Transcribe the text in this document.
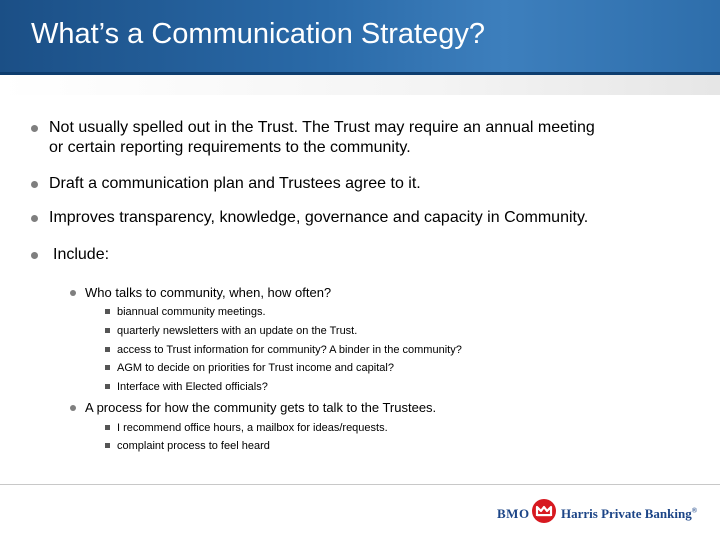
What’s a Communication Strategy?
Not usually spelled out in the Trust. The Trust may require an annual meeting
or certain reporting requirements to the community.
Draft a communication plan and Trustees agree to it.
Improves transparency, knowledge, governance and capacity in Community.
Include:
Who talks to community, when, how often?
biannual community meetings.
quarterly newsletters with an update on the Trust.
access to Trust information for community? A binder in the community?
AGM to decide on priorities for Trust income and capital?
Interface with Elected officials?
A process for how the community gets to talk to the Trustees.
I recommend office hours, a mailbox for ideas/requests.
complaint process to feel heard
BMO Harris Private Banking®
